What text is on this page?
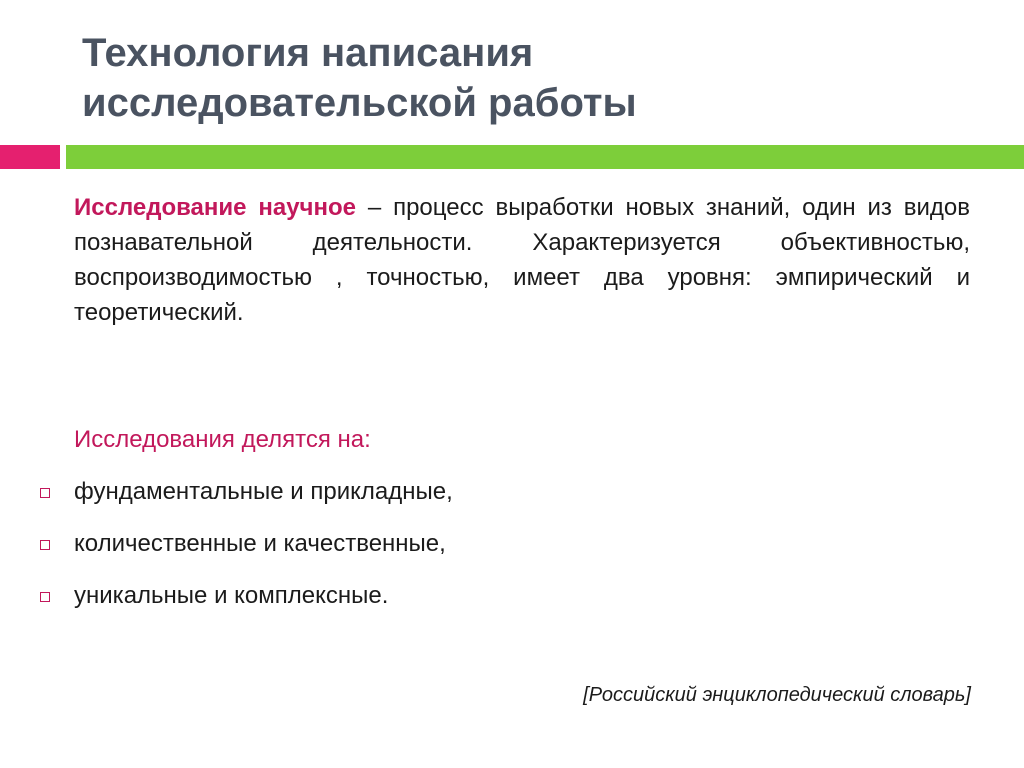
Технология написания
исследовательской работы

Исследование научное – процесс выработки новых знаний, один из видов познавательной деятельности. Характеризуется объективностью, воспроизводимостью , точностью, имеет два уровня: эмпирический и теоретический.

Исследования делятся на:

фундаментальные и прикладные,
количественные и качественные,
уникальные и комплексные.

[Российский энциклопедический словарь]
